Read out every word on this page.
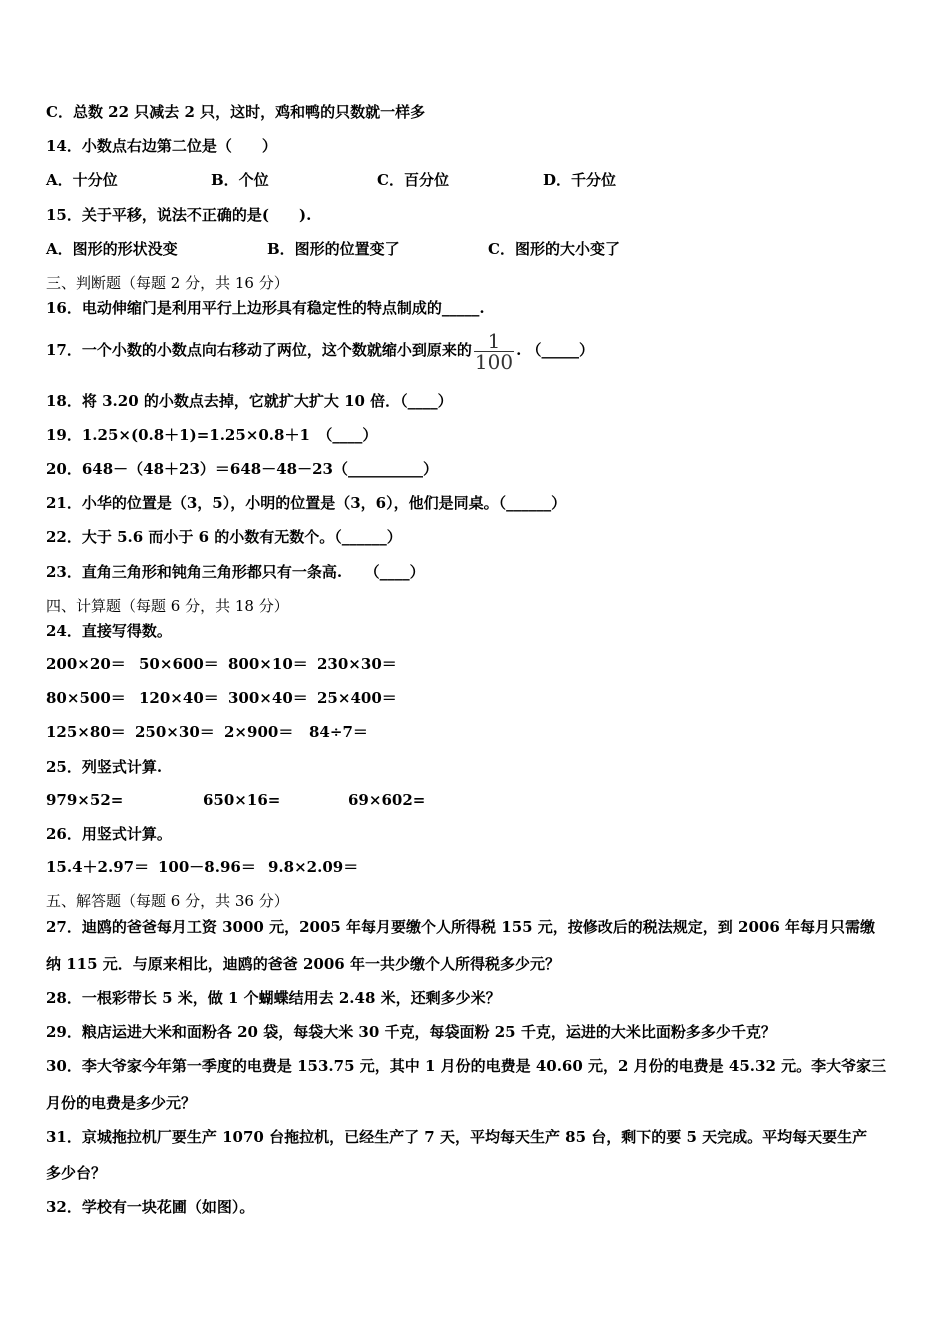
C．总数 22 只减去 2 只，这时，鸡和鸭的只数就一样多
14．小数点右边第二位是（　　）
A．十分位	B．个位	C．百分位	D．千分位
15．关于平移，说法不正确的是(　　).
A．图形的形状没变	B．图形的位置变了	C．图形的大小变了
三、判断题（每题 2 分，共 16 分）
16．电动伸缩门是利用平行上边形具有稳定性的特点制成的_____.
17．一个小数的小数点向右移动了两位，这个数就缩小到原来的 $\frac{1}{100}$ . （_____）
18．将 3.20 的小数点去掉，它就扩大扩大 10 倍．（____）
19．1.25×(0.8＋1)=1.25×0.8＋1　（____）
20．648－（48＋23）＝648－48－23（__________）
21．小华的位置是（3，5），小明的位置是（3，6），他们是同桌。（______）
22．大于 5.6 而小于 6 的小数有无数个。（______）
23．直角三角形和钝角三角形都只有一条高.　　（____）
四、计算题（每题 6 分，共 18 分）
24．直接写得数。
200×20＝ 50×600＝ 800×10＝ 230×30＝
80×500＝ 120×40＝ 300×40＝ 25×400＝
125×80＝ 250×30＝ 2×900＝ 84÷7＝
25．列竖式计算.
979×52=	650×16=	69×602=
26．用竖式计算。
15.4＋2.97＝ 100－8.96＝ 9.8×2.09＝
五、解答题（每题 6 分，共 36 分）
27．迪鸥的爸爸每月工资 3000 元，2005 年每月要缴个人所得税 155 元，按修改后的税法规定，到 2006 年每月只需缴
纳 115 元．与原来相比，迪鸥的爸爸 2006 年一共少缴个人所得税多少元？
28．一根彩带长 5 米，做 1 个蝴蝶结用去 2.48 米，还剩多少米？
29．粮店运进大米和面粉各 20 袋，每袋大米 30 千克，每袋面粉 25 千克，运进的大米比面粉多多少千克？
30．李大爷家今年第一季度的电费是 153.75 元，其中 1 月份的电费是 40.60 元，2 月份的电费是 45.32 元。李大爷家三
月份的电费是多少元？
31．京城拖拉机厂要生产 1070 台拖拉机，已经生产了 7 天，平均每天生产 85 台，剩下的要 5 天完成。平均每天要生产
多少台？
32．学校有一块花圃（如图）。
